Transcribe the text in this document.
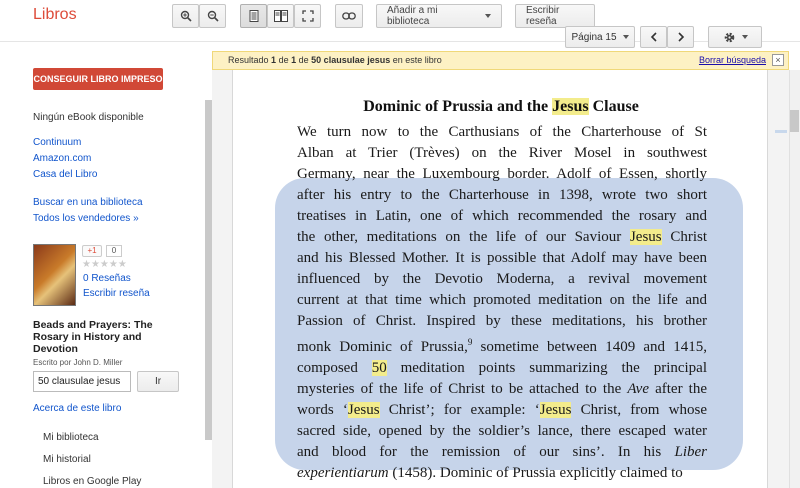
Libros	Añadir a mi biblioteca
Escribir reseña
Página 15
Resultado 1 de 1 de 50 clausulae jesus en este libro	Borrar búsqueda	×
CONSEGUIR LIBRO IMPRESO
Ningún eBook disponible
Continuum
Amazon.com
Casa del Libro
Buscar en una biblioteca
Todos los vendedores »
+1	0
★★★★★
0 Reseñas
Escribir reseña
Beads and Prayers: The Rosary in History and Devotion
Escrito por John D. Miller
50 clausulae jesus
Ir
Acerca de este libro
Mi biblioteca
Mi historial
Libros en Google Play
Dominic of Prussia and the Jesus Clause
We turn now to the Carthusians of the Charterhouse of St
Alban at Trier (Trèves) on the River Mosel in southwest
Germany, near the Luxembourg border. Adolf of Essen, shortly
after his entry to the Charterhouse in 1398, wrote two short
treatises in Latin, one of which recommended the rosary and
the other, meditations on the life of our Saviour Jesus Christ
and his Blessed Mother. It is possible that Adolf may have been
influenced by the Devotio Moderna, a revival movement
current at that time which promoted meditation on the life and
Passion of Christ. Inspired by these meditations, his brother
monk Dominic of Prussia,$^9$ sometime between 1409 and 1415,
composed 50 meditation points summarizing the principal
mysteries of the life of Christ to be attached to the Ave after the
words ‘Jesus Christ’; for example: ‘Jesus Christ, from whose
sacred side, opened by the soldier’s lance, there escaped water
and blood for the remission of our sins’. In his Liber
experientiarum (1458). Dominic of Prussia explicitly claimed to
